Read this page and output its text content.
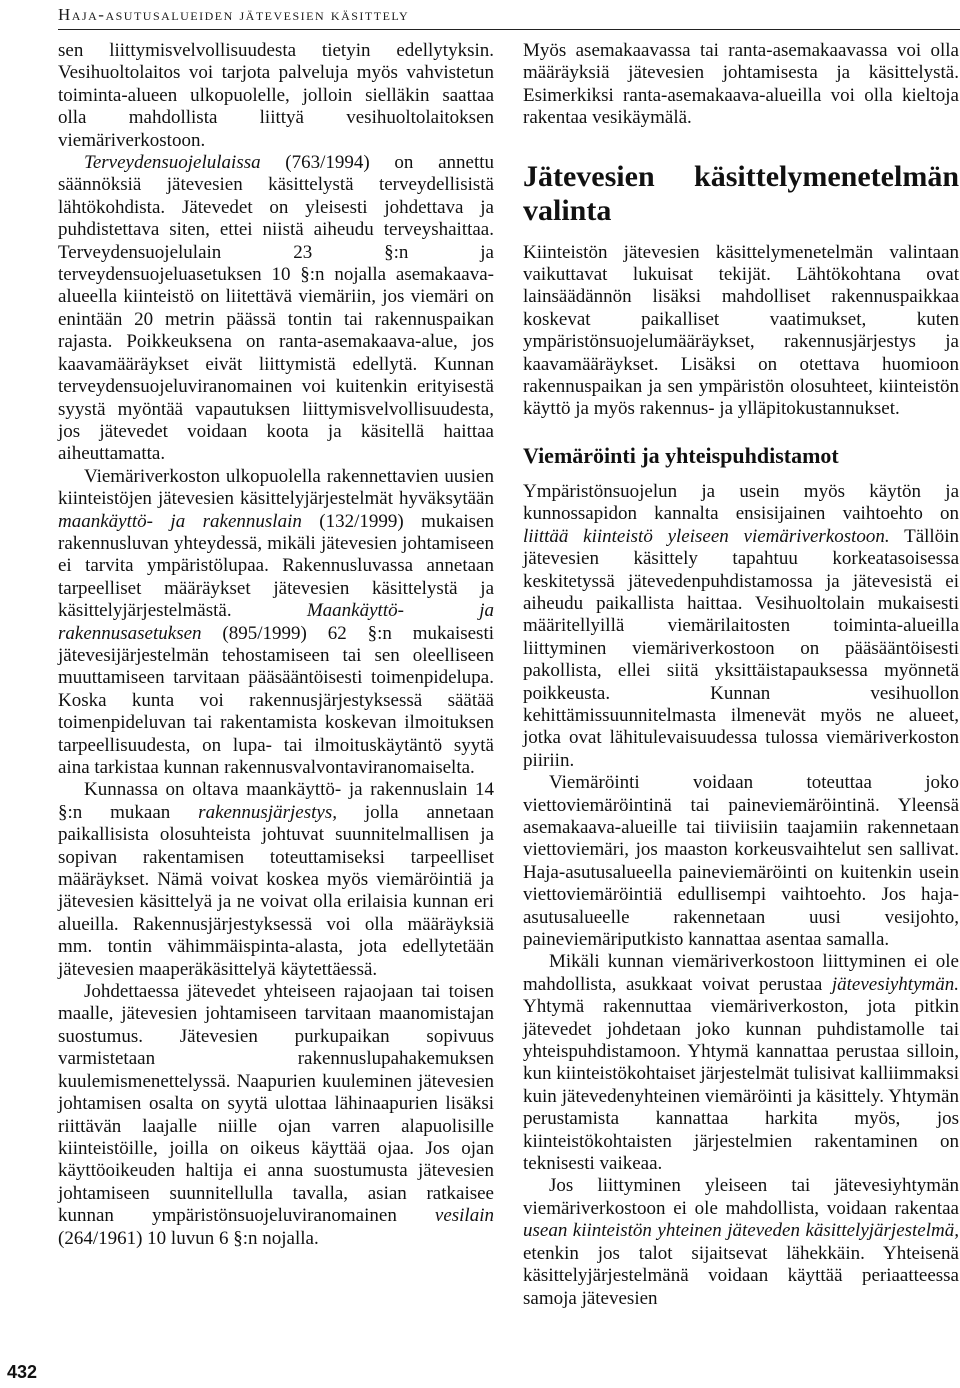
Haja-asutusalueiden jätevesien käsittely
432

sen liittymisvelvollisuudesta tietyin edellytyksin. Vesihuoltolaitos voi tarjota palveluja myös vahvistetun toiminta-alueen ulkopuolelle, jolloin sielläkin saattaa olla mahdollista liittyä vesihuoltolaitoksen viemäriverkostoon.

Terveydensuojelulaissa (763/1994) on annettu säännöksiä jätevesien käsittelystä terveydellisistä lähtökohdista. Jätevedet on yleisesti johdettava ja puhdistettava siten, ettei niistä aiheudu terveyshaittaa. Terveydensuojelulain 23 §:n ja terveydensuojeluasetuksen 10 §:n nojalla asemakaava-alueella kiinteistö on liitettävä viemäriin, jos viemäri on enintään 20 metrin päässä tontin tai rakennuspaikan rajasta. Poikkeuksena on ranta-asemakaava-alue, jos kaavamääräykset eivät liittymistä edellytä. Kunnan terveydensuojeluviranomainen voi kuitenkin erityisestä syystä myöntää vapautuksen liittymisvelvollisuudesta, jos jätevedet voidaan koota ja käsitellä haittaa aiheuttamatta.

Viemäriverkoston ulkopuolella rakennettavien uusien kiinteistöjen jätevesien käsittelyjärjestelmät hyväksytään maankäyttö- ja rakennuslain (132/1999) mukaisen rakennusluvan yhteydessä, mikäli jätevesien johtamiseen ei tarvita ympäristölupaa. Rakennusluvassa annetaan tarpeelliset määräykset jätevesien käsittelystä ja käsittelyjärjestelmästä. Maankäyttö- ja rakennusasetuksen (895/1999) 62 §:n mukaisesti jätevesijärjestelmän tehostamiseen tai sen oleelliseen muuttamiseen tarvitaan pääsääntöisesti toimenpidelupa. Koska kunta voi rakennusjärjestyksessä säätää toimenpideluvan tai rakentamista koskevan ilmoituksen tarpeellisuudesta, on lupa- tai ilmoituskäytäntö syytä aina tarkistaa kunnan rakennusvalvontaviranomaiselta.

Kunnassa on oltava maankäyttö- ja rakennuslain 14 §:n mukaan rakennusjärjestys, jolla annetaan paikallisista olosuhteista johtuvat suunnitelmallisen ja sopivan rakentamisen toteuttamiseksi tarpeelliset määräykset. Nämä voivat koskea myös viemäröintiä ja jätevesien käsittelyä ja ne voivat olla erilaisia kunnan eri alueilla. Rakennusjärjestyksessä voi olla määräyksiä mm. tontin vähimmäispinta-alasta, jota edellytetään jätevesien maaperäkäsittelyä käytettäessä.

Johdettaessa jätevedet yhteiseen rajaojaan tai toisen maalle, jätevesien johtamiseen tarvitaan maanomistajan suostumus. Jätevesien purkupaikan sopivuus varmistetaan rakennuslupahakemuksen kuulemismenettelyssä. Naapurien kuuleminen jätevesien johtamisen osalta on syytä ulottaa lähinaapurien lisäksi riittävän laajalle niille ojan varren alapuolisille kiinteistöille, joilla on oikeus käyttää ojaa. Jos ojan käyttöoikeuden haltija ei anna suostumusta jätevesien johtamiseen suunnitellulla tavalla, asian ratkaisee kunnan ympäristönsuojeluviranomainen vesilain (264/1961) 10 luvun 6 §:n nojalla.

Myös asemakaavassa tai ranta-asemakaavassa voi olla määräyksiä jätevesien johtamisesta ja käsittelystä. Esimerkiksi ranta-asemakaava-alueilla voi olla kieltoja rakentaa vesikäymälä.

Jätevesien käsittelymenetelmän valinta

Kiinteistön jätevesien käsittelymenetelmän valintaan vaikuttavat lukuisat tekijät. Lähtökohtana ovat lainsäädännön lisäksi mahdolliset rakennuspaikkaa koskevat paikalliset vaatimukset, kuten ympäristönsuojelumääräykset, rakennusjärjestys ja kaavamääräykset. Lisäksi on otettava huomioon rakennuspaikan ja sen ympäristön olosuhteet, kiinteistön käyttö ja myös rakennus- ja ylläpitokustannukset.

Viemäröinti ja yhteispuhdistamot

Ympäristönsuojelun ja usein myös käytön ja kunnossapidon kannalta ensisijainen vaihtoehto on liittää kiinteistö yleiseen viemäriverkostoon. Tällöin jätevesien käsittely tapahtuu korkeatasoisessa keskitetyssä jätevedenpuhdistamossa ja jätevesistä ei aiheudu paikallista haittaa. Vesihuoltolain mukaisesti määritellyillä viemärilaitosten toiminta-alueilla liittyminen viemäriverkostoon on pääsääntöisesti pakollista, ellei siitä yksittäistapauksessa myönnetä poikkeusta. Kunnan vesihuollon kehittämissuunnitelmasta ilmenevät myös ne alueet, jotka ovat lähitulevaisuudessa tulossa viemäriverkoston piiriin.

Viemäröinti voidaan toteuttaa joko viettoviemäröintinä tai paineviemäröintinä. Yleensä asemakaava-alueille tai tiiviisiin taajamiin rakennetaan viettoviemäri, jos maaston korkeusvaihtelut sen sallivat. Haja-asutusalueella paineviemäröinti on kuitenkin usein viettoviemäröintiä edullisempi vaihtoehto. Jos haja-asutusalueelle rakennetaan uusi vesijohto, paineviemäriputkisto kannattaa asentaa samalla.

Mikäli kunnan viemäriverkostoon liittyminen ei ole mahdollista, asukkaat voivat perustaa jätevesiyhtymän. Yhtymä rakennuttaa viemäriverkoston, jota pitkin jätevedet johdetaan joko kunnan puhdistamolle tai yhteispuhdistamoon. Yhtymä kannattaa perustaa silloin, kun kiinteistökohtaiset järjestelmät tulisivat kalliimmaksi kuin jätevedenyhteinen viemäröinti ja käsittely. Yhtymän perustamista kannattaa harkita myös, jos kiinteistökohtaisten järjestelmien rakentaminen on teknisesti vaikeaa.

Jos liittyminen yleiseen tai jätevesiyhtymän viemäriverkostoon ei ole mahdollista, voidaan rakentaa usean kiinteistön yhteinen jäteveden käsittelyjärjestelmä, etenkin jos talot sijaitsevat lähekkäin. Yhteisenä käsittelyjärjestelmänä voidaan käyttää periaatteessa samoja jätevesien
